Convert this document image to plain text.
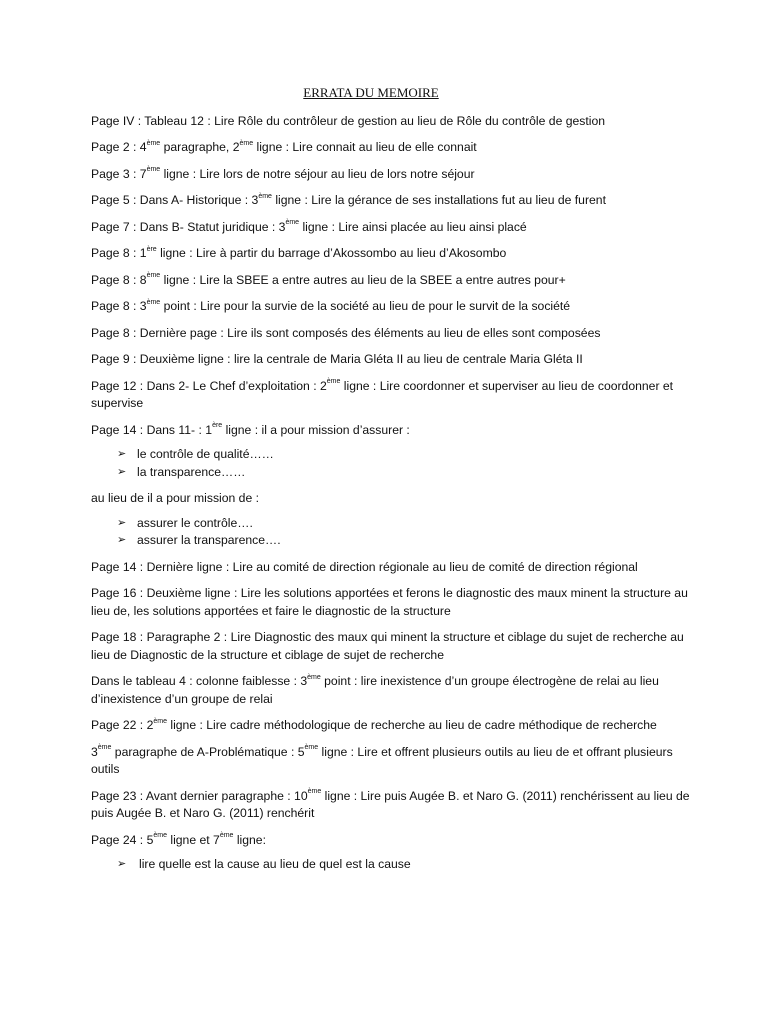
ERRATA DU MEMOIRE
Page IV : Tableau 12 : Lire Rôle du contrôleur de gestion au lieu de Rôle du contrôle de gestion
Page 2 : 4ème paragraphe, 2ème ligne : Lire connait au lieu de elle connait
Page 3 : 7ème ligne : Lire lors de notre séjour au lieu de lors notre séjour
Page 5 : Dans A- Historique : 3ème ligne : Lire la gérance de ses installations fut au lieu de furent
Page 7 : Dans B- Statut juridique : 3ème ligne : Lire ainsi placée au lieu ainsi placé
Page 8 : 1ère ligne : Lire à partir du barrage d’Akossombo au lieu d’Akosombo
Page 8 : 8ème ligne : Lire la SBEE a entre autres au lieu de la SBEE a entre autres pour+
Page 8 : 3ème point : Lire pour la survie de la société au lieu de pour le survit de la société
Page 8 : Dernière page : Lire ils sont composés des éléments au lieu de elles sont composées
Page 9 : Deuxième ligne : lire la centrale de Maria Gléta II au lieu de centrale Maria Gléta II
Page 12 : Dans 2- Le Chef d’exploitation : 2ème ligne : Lire coordonner et superviser au lieu de coordonner et supervise
Page 14 : Dans 11- : 1ère ligne : il a pour mission d’assurer :
➢ le contrôle de qualité……
➢ la transparence……
au lieu de il a pour mission de :
➢ assurer le contrôle….
➢ assurer la transparence….
Page 14 : Dernière ligne : Lire au comité de direction régionale au lieu de comité de direction régional
Page 16 : Deuxième ligne : Lire les solutions apportées et ferons le diagnostic des maux minent la structure au lieu de, les solutions apportées et faire le diagnostic de la structure
Page 18 : Paragraphe 2 : Lire Diagnostic des maux qui minent la structure et ciblage du sujet de recherche au lieu de Diagnostic de la structure et ciblage de sujet de recherche
Dans le tableau 4 : colonne faiblesse : 3ème point : lire inexistence d’un groupe électrogène de relai au lieu d’inexistence d’un groupe de relai
Page 22 : 2ème ligne : Lire cadre méthodologique de recherche au lieu de cadre méthodique de recherche
3ème paragraphe de A-Problématique : 5ème ligne : Lire et offrent plusieurs outils au lieu de et offrant plusieurs outils
Page 23 : Avant dernier paragraphe : 10ème ligne : Lire puis Augée B. et Naro G. (2011) renchérissent au lieu de puis Augée B. et Naro G. (2011) renchérit
Page 24 : 5ème ligne et 7ème ligne:
➢ lire quelle est la cause au lieu de quel est la cause
